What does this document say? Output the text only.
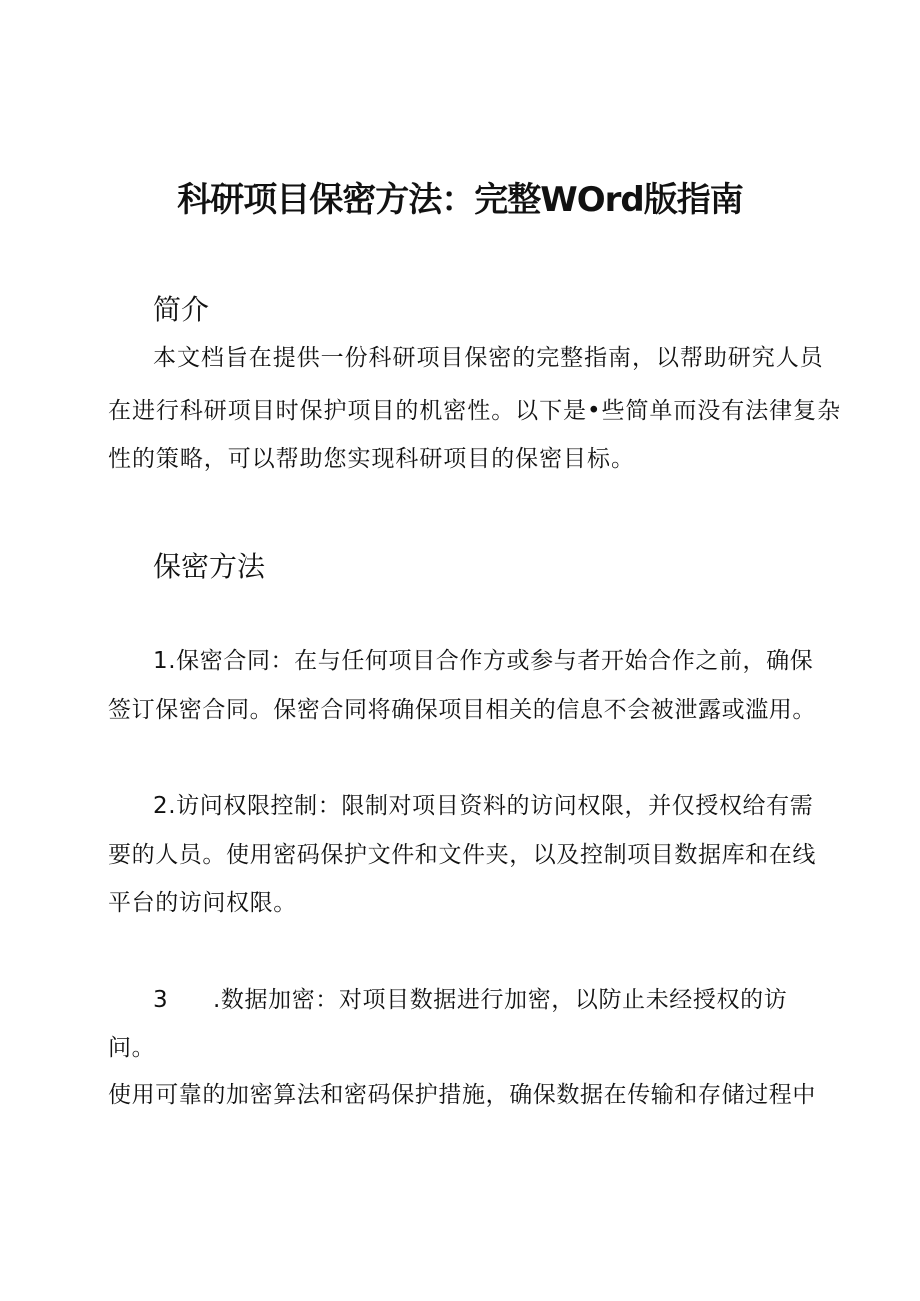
科研项目保密方法：完整WOrd版指南
简介
本文档旨在提供一份科研项目保密的完整指南，以帮助研究人员
在进行科研项目时保护项目的机密性。以下是•些简单而没有法律复杂
性的策略，可以帮助您实现科研项目的保密目标。
保密方法
1.保密合同：在与任何项目合作方或参与者开始合作之前，确保
签订保密合同。保密合同将确保项目相关的信息不会被泄露或滥用。
2.访问权限控制：限制对项目资料的访问权限，并仅授权给有需
要的人员。使用密码保护文件和文件夹，以及控制项目数据库和在线
平台的访问权限。
3 .数据加密：对项目数据进行加密，以防止未经授权的访
问。
使用可靠的加密算法和密码保护措施，确保数据在传输和存储过程中
